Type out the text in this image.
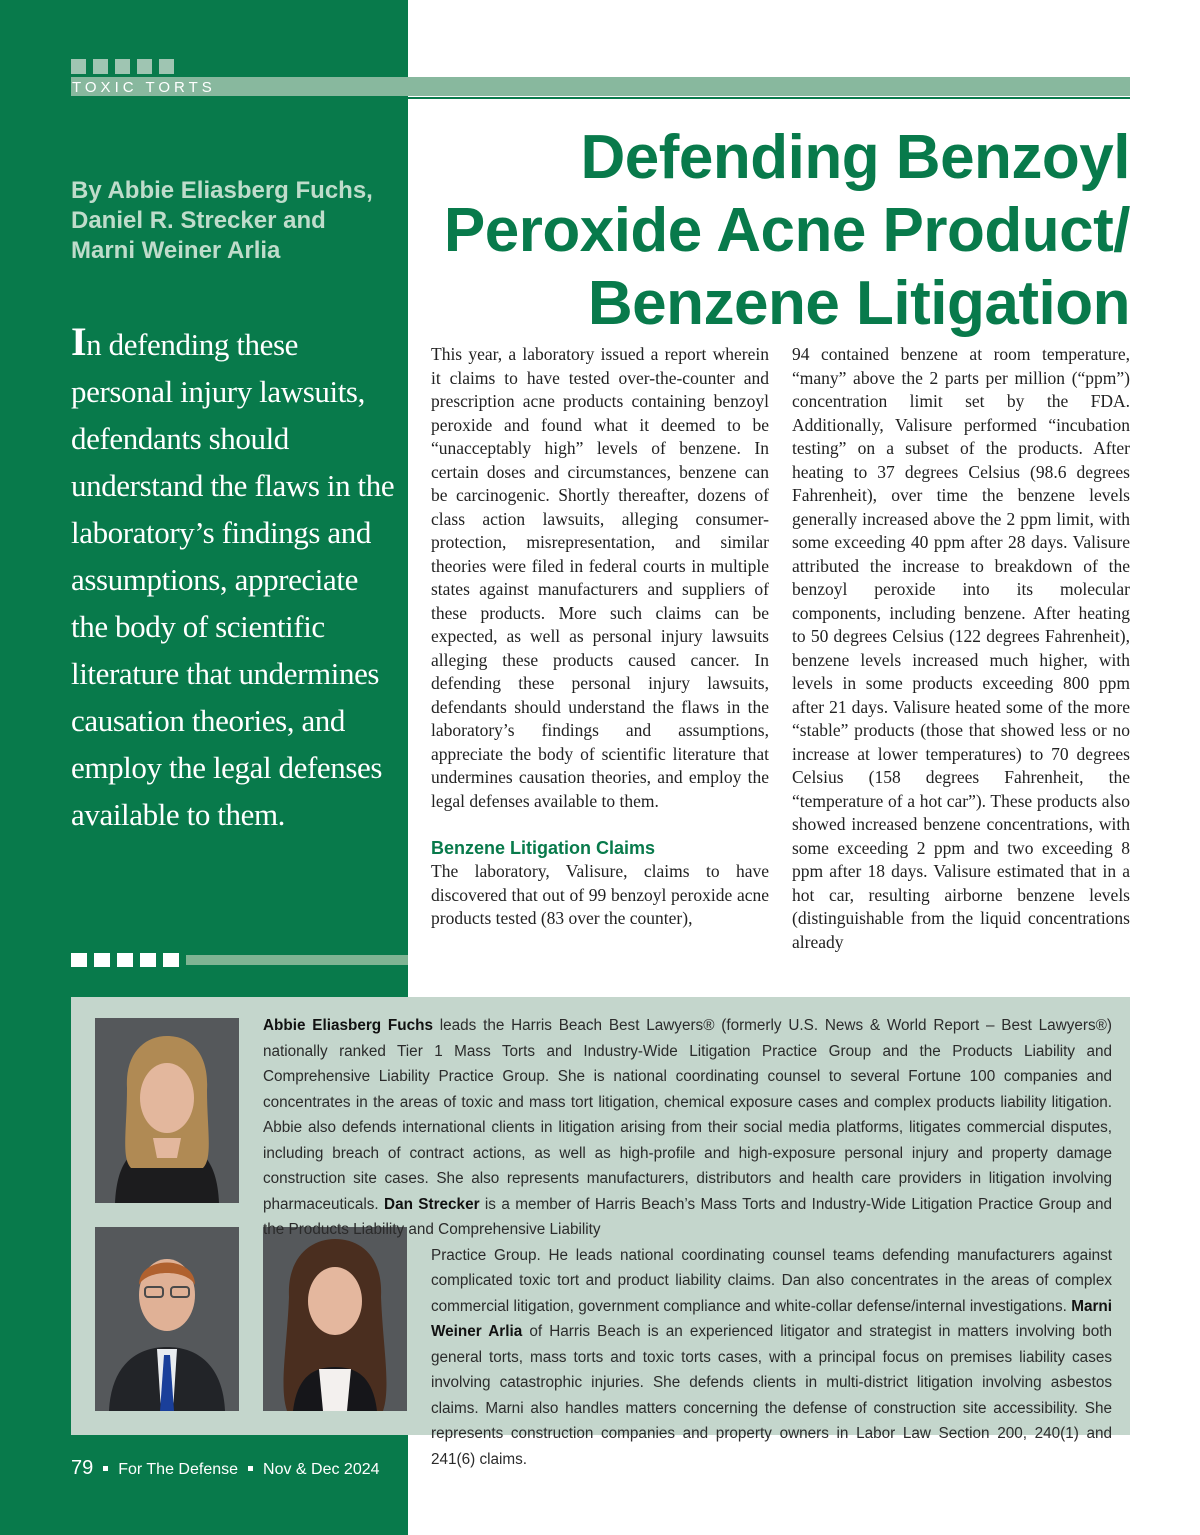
TOXIC TORTS
By Abbie Eliasberg Fuchs,
Daniel R. Strecker and
Marni Weiner Arlia
In defending these personal injury lawsuits, defendants should understand the flaws in the laboratory’s findings and assumptions, appreciate the body of scientific literature that undermines causation theories, and employ the legal defenses available to them.
Defending Benzoyl
Peroxide Acne Product/
Benzene Litigation

This year, a laboratory issued a report wherein it claims to have tested over-the-counter and prescription acne products containing benzoyl peroxide and found what it deemed to be “unacceptably high” levels of benzene. In certain doses and circumstances, benzene can be carcinogenic. Shortly thereafter, dozens of class action lawsuits, alleging consumer-protection, misrepresentation, and similar theories were filed in federal courts in multiple states against manufacturers and suppliers of these products. More such claims can be expected, as well as personal injury lawsuits alleging these products caused cancer. In defending these personal injury lawsuits, defendants should understand the flaws in the laboratory’s findings and assumptions, appreciate the body of scientific literature that undermines causation theories, and employ the legal defenses available to them.

Benzene Litigation Claims

The laboratory, Valisure, claims to have discovered that out of 99 benzoyl peroxide acne products tested (83 over the counter),

94 contained benzene at room temperature, “many” above the 2 parts per million (“ppm”) concentration limit set by the FDA. Additionally, Valisure performed “incubation testing” on a subset of the products. After heating to 37 degrees Celsius (98.6 degrees Fahrenheit), over time the benzene levels generally increased above the 2 ppm limit, with some exceeding 40 ppm after 28 days. Valisure attributed the increase to breakdown of the benzoyl peroxide into its molecular components, including benzene. After heating to 50 degrees Celsius (122 degrees Fahrenheit), benzene levels increased much higher, with levels in some products exceeding 800 ppm after 21 days. Valisure heated some of the more “stable” products (those that showed less or no increase at lower temperatures) to 70 degrees Celsius (158 degrees Fahrenheit, the “temperature of a hot car”). These products also showed increased benzene concentrations, with some exceeding 2 ppm and two exceeding 8 ppm after 18 days. Valisure estimated that in a hot car, resulting airborne benzene levels (distinguishable from the liquid concentrations already

Abbie Eliasberg Fuchs leads the Harris Beach Best Lawyers® (formerly U.S. News & World Report – Best Lawyers®) nationally ranked Tier 1 Mass Torts and Industry-Wide Litigation Practice Group and the Products Liability and Comprehensive Liability Practice Group. She is national coordinating counsel to several Fortune 100 companies and concentrates in the areas of toxic and mass tort litigation, chemical exposure cases and complex products liability litigation. Abbie also defends international clients in litigation arising from their social media platforms, litigates commercial disputes, including breach of contract actions, as well as high-profile and high-exposure personal injury and property damage construction site cases. She also represents manufacturers, distributors and health care providers in litigation involving pharmaceuticals. Dan Strecker is a member of Harris Beach’s Mass Torts and Industry-Wide Litigation Practice Group and the Products Liability and Comprehensive Liability
Practice Group. He leads national coordinating counsel teams defending manufacturers against complicated toxic tort and product liability claims. Dan also concentrates in the areas of complex commercial litigation, government compliance and white-collar defense/internal investigations. Marni Weiner Arlia of Harris Beach is an experienced litigator and strategist in matters involving both general torts, mass torts and toxic torts cases, with a principal focus on premises liability cases involving catastrophic injuries. She defends clients in multi-district litigation involving asbestos claims. Marni also handles matters concerning the defense of construction site accessibility. She represents construction companies and property owners in Labor Law Section 200, 240(1) and 241(6) claims.
79 For The Defense Nov & Dec 2024
